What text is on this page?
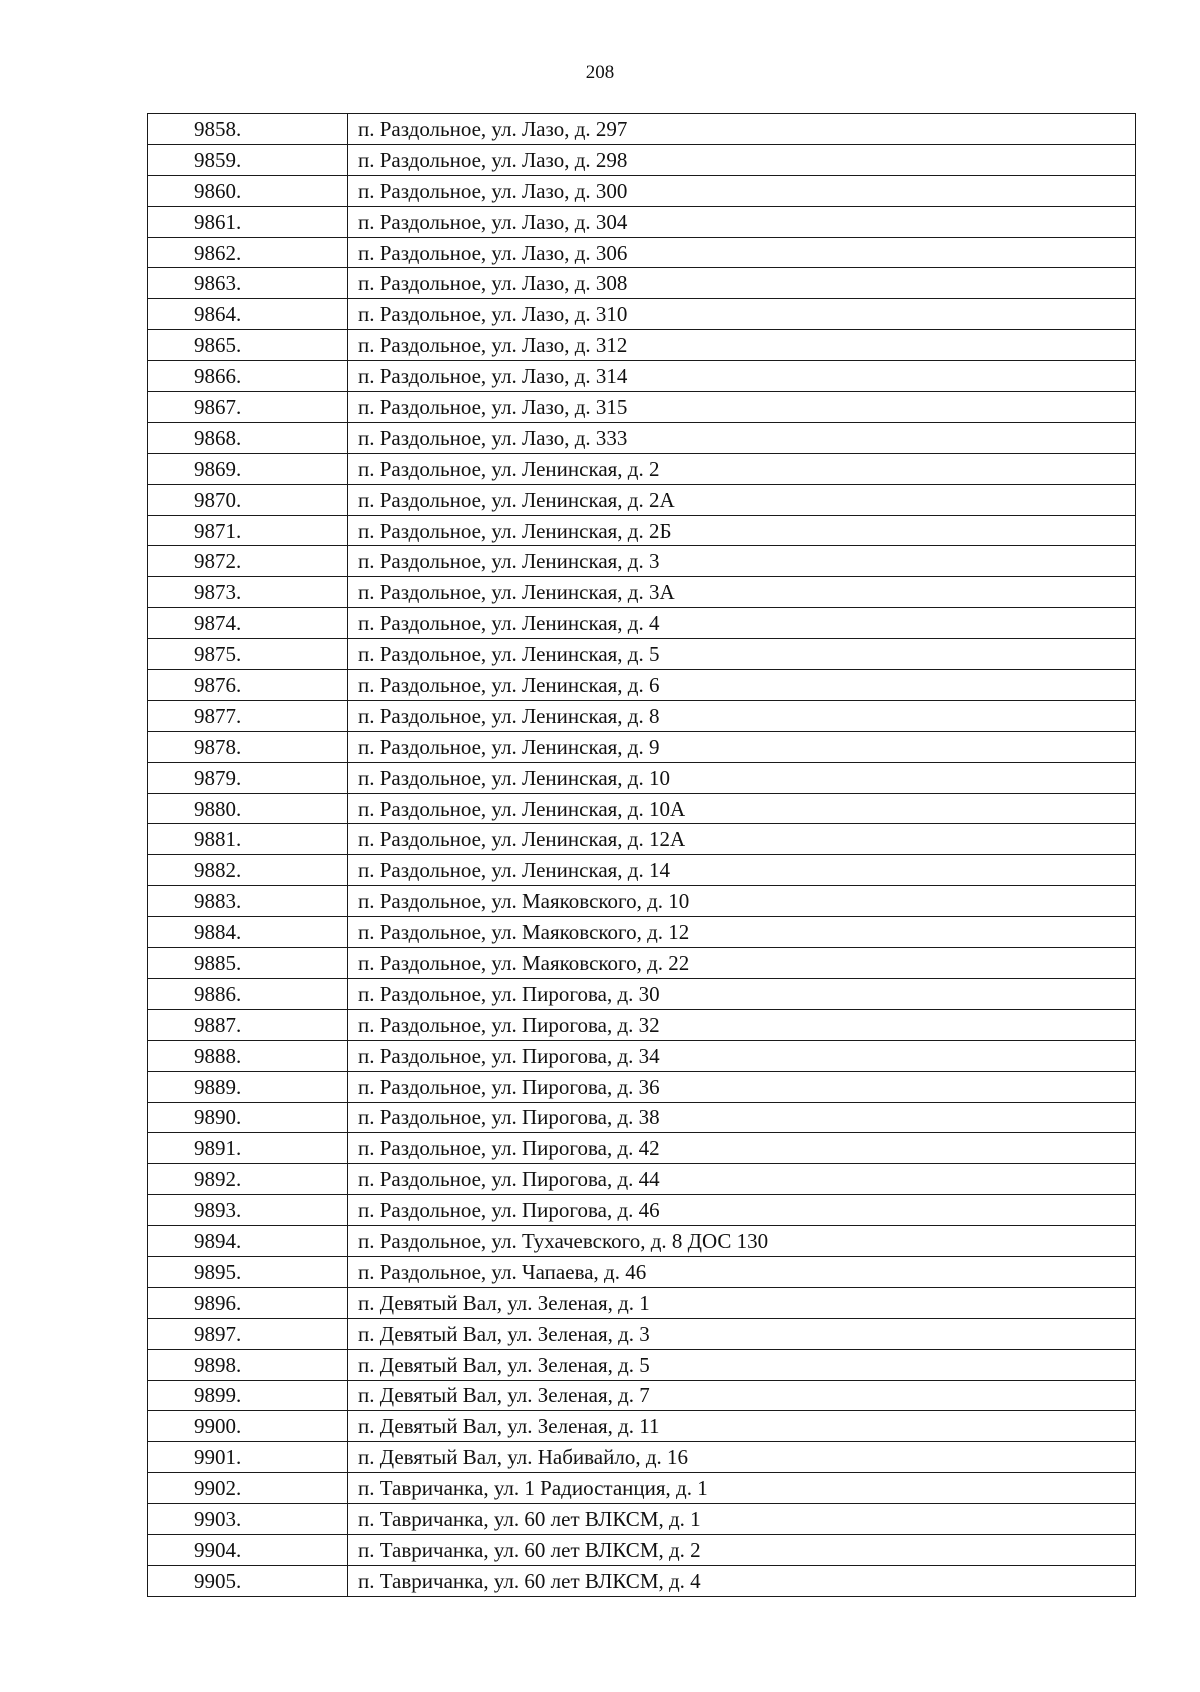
208
9858.	п. Раздольное, ул. Лазо, д. 297
9859.	п. Раздольное, ул. Лазо, д. 298
9860.	п. Раздольное, ул. Лазо, д. 300
9861.	п. Раздольное, ул. Лазо, д. 304
9862.	п. Раздольное, ул. Лазо, д. 306
9863.	п. Раздольное, ул. Лазо, д. 308
9864.	п. Раздольное, ул. Лазо, д. 310
9865.	п. Раздольное, ул. Лазо, д. 312
9866.	п. Раздольное, ул. Лазо, д. 314
9867.	п. Раздольное, ул. Лазо, д. 315
9868.	п. Раздольное, ул. Лазо, д. 333
9869.	п. Раздольное, ул. Ленинская, д. 2
9870.	п. Раздольное, ул. Ленинская, д. 2А
9871.	п. Раздольное, ул. Ленинская, д. 2Б
9872.	п. Раздольное, ул. Ленинская, д. 3
9873.	п. Раздольное, ул. Ленинская, д. 3А
9874.	п. Раздольное, ул. Ленинская, д. 4
9875.	п. Раздольное, ул. Ленинская, д. 5
9876.	п. Раздольное, ул. Ленинская, д. 6
9877.	п. Раздольное, ул. Ленинская, д. 8
9878.	п. Раздольное, ул. Ленинская, д. 9
9879.	п. Раздольное, ул. Ленинская, д. 10
9880.	п. Раздольное, ул. Ленинская, д. 10А
9881.	п. Раздольное, ул. Ленинская, д. 12А
9882.	п. Раздольное, ул. Ленинская, д. 14
9883.	п. Раздольное, ул. Маяковского, д. 10
9884.	п. Раздольное, ул. Маяковского, д. 12
9885.	п. Раздольное, ул. Маяковского, д. 22
9886.	п. Раздольное, ул. Пирогова, д. 30
9887.	п. Раздольное, ул. Пирогова, д. 32
9888.	п. Раздольное, ул. Пирогова, д. 34
9889.	п. Раздольное, ул. Пирогова, д. 36
9890.	п. Раздольное, ул. Пирогова, д. 38
9891.	п. Раздольное, ул. Пирогова, д. 42
9892.	п. Раздольное, ул. Пирогова, д. 44
9893.	п. Раздольное, ул. Пирогова, д. 46
9894.	п. Раздольное, ул. Тухачевского, д. 8 ДОС 130
9895.	п. Раздольное, ул. Чапаева, д. 46
9896.	п. Девятый Вал, ул. Зеленая, д. 1
9897.	п. Девятый Вал, ул. Зеленая, д. 3
9898.	п. Девятый Вал, ул. Зеленая, д. 5
9899.	п. Девятый Вал, ул. Зеленая, д. 7
9900.	п. Девятый Вал, ул. Зеленая, д. 11
9901.	п. Девятый Вал, ул. Набивайло, д. 16
9902.	п. Тавричанка, ул. 1 Радиостанция, д. 1
9903.	п. Тавричанка, ул. 60 лет ВЛКСМ, д. 1
9904.	п. Тавричанка, ул. 60 лет ВЛКСМ, д. 2
9905.	п. Тавричанка, ул. 60 лет ВЛКСМ, д. 4
